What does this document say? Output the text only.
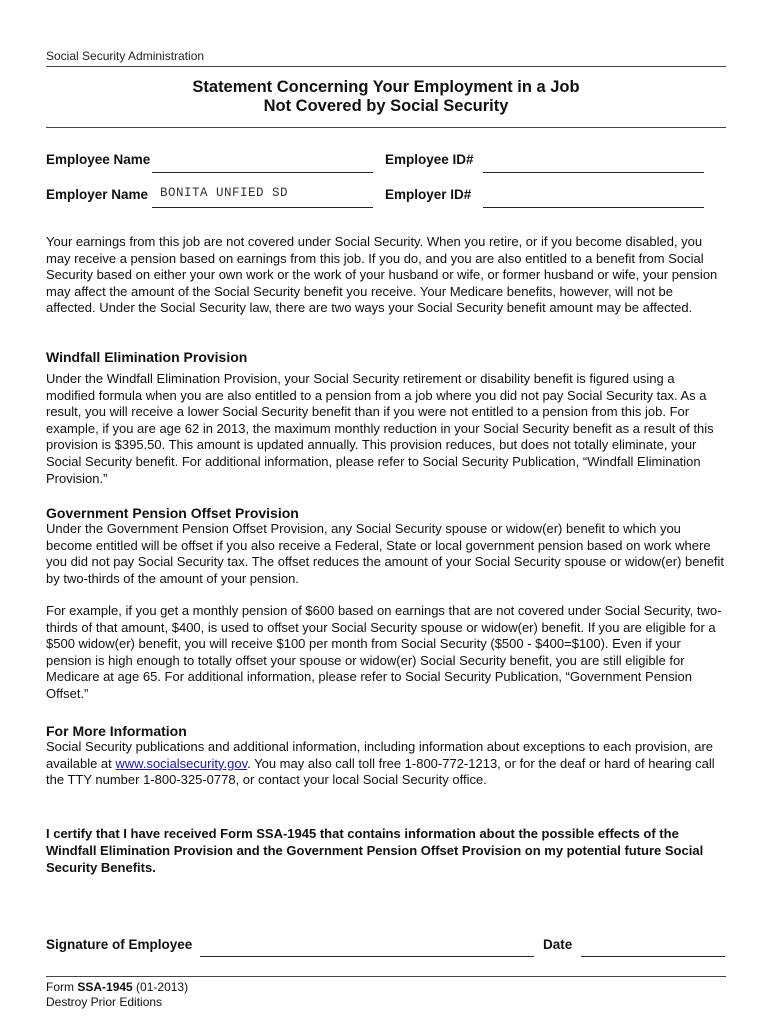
Social Security Administration
Statement Concerning Your Employment in a Job
Not Covered by Social Security
Employee Name	Employee ID#
Employer Name BONITA UNFIED SD	Employer ID#
Your earnings from this job are not covered under Social Security. When you retire, or if you become disabled, you may receive a pension based on earnings from this job. If you do, and you are also entitled to a benefit from Social Security based on either your own work or the work of your husband or wife, or former husband or wife, your pension may affect the amount of the Social Security benefit you receive. Your Medicare benefits, however, will not be affected. Under the Social Security law, there are two ways your Social Security benefit amount may be affected.
Windfall Elimination Provision
Under the Windfall Elimination Provision, your Social Security retirement or disability benefit is figured using a modified formula when you are also entitled to a pension from a job where you did not pay Social Security tax. As a result, you will receive a lower Social Security benefit than if you were not entitled to a pension from this job. For example, if you are age 62 in 2013, the maximum monthly reduction in your Social Security benefit as a result of this provision is $395.50. This amount is updated annually. This provision reduces, but does not totally eliminate, your Social Security benefit. For additional information, please refer to Social Security Publication, “Windfall Elimination Provision.”
Government Pension Offset Provision
Under the Government Pension Offset Provision, any Social Security spouse or widow(er) benefit to which you become entitled will be offset if you also receive a Federal, State or local government pension based on work where you did not pay Social Security tax. The offset reduces the amount of your Social Security spouse or widow(er) benefit by two-thirds of the amount of your pension.
For example, if you get a monthly pension of $600 based on earnings that are not covered under Social Security, two-thirds of that amount, $400, is used to offset your Social Security spouse or widow(er) benefit. If you are eligible for a $500 widow(er) benefit, you will receive $100 per month from Social Security ($500 - $400=$100). Even if your pension is high enough to totally offset your spouse or widow(er) Social Security benefit, you are still eligible for Medicare at age 65. For additional information, please refer to Social Security Publication, “Government Pension Offset.”
For More Information
Social Security publications and additional information, including information about exceptions to each provision, are available at www.socialsecurity.gov. You may also call toll free 1-800-772-1213, or for the deaf or hard of hearing call the TTY number 1-800-325-0778, or contact your local Social Security office.
I certify that I have received Form SSA-1945 that contains information about the possible effects of the Windfall Elimination Provision and the Government Pension Offset Provision on my potential future Social Security Benefits.
Signature of Employee	Date
Form SSA-1945 (01-2013)
Destroy Prior Editions
